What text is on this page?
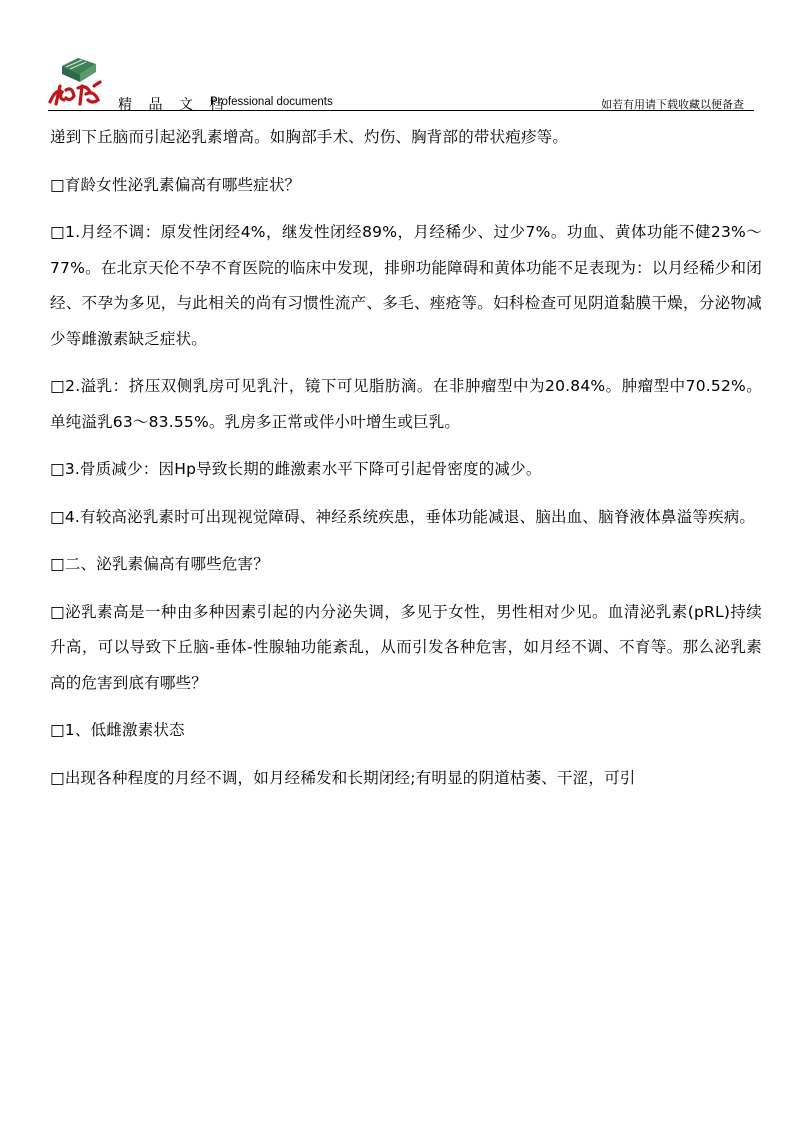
精 品 文 档
Professional documents	如若有用请下载收藏以便备查

递到下丘脑而引起泌乳素增高。如胸部手术、灼伤、胸背部的带状疱疹等。

□育龄女性泌乳素偏高有哪些症状？

□1.月经不调：原发性闭经4%，继发性闭经89%，月经稀少、过少7%。功血、黄体功能不健23%～77%。在北京天伦不孕不育医院的临床中发现，排卵功能障碍和黄体功能不足表现为：以月经稀少和闭经、不孕为多见，与此相关的尚有习惯性流产、多毛、痤疮等。妇科检查可见阴道黏膜干燥，分泌物减少等雌激素缺乏症状。

□2.溢乳：挤压双侧乳房可见乳汁，镜下可见脂肪滴。在非肿瘤型中为20.84%。肿瘤型中70.52%。单纯溢乳63～83.55%。乳房多正常或伴小叶增生或巨乳。

□3.骨质减少：因Hp导致长期的雌激素水平下降可引起骨密度的减少。

□4.有较高泌乳素时可出现视觉障碍、神经系统疾患，垂体功能减退、脑出血、脑脊液体鼻溢等疾病。

□二、泌乳素偏高有哪些危害？

□泌乳素高是一种由多种因素引起的内分泌失调，多见于女性，男性相对少见。血清泌乳素(pRL)持续升高，可以导致下丘脑-垂体-性腺轴功能紊乱，从而引发各种危害，如月经不调、不育等。那么泌乳素高的危害到底有哪些？

□1、低雌激素状态

□出现各种程度的月经不调，如月经稀发和长期闭经;有明显的阴道枯萎、干涩，可引
